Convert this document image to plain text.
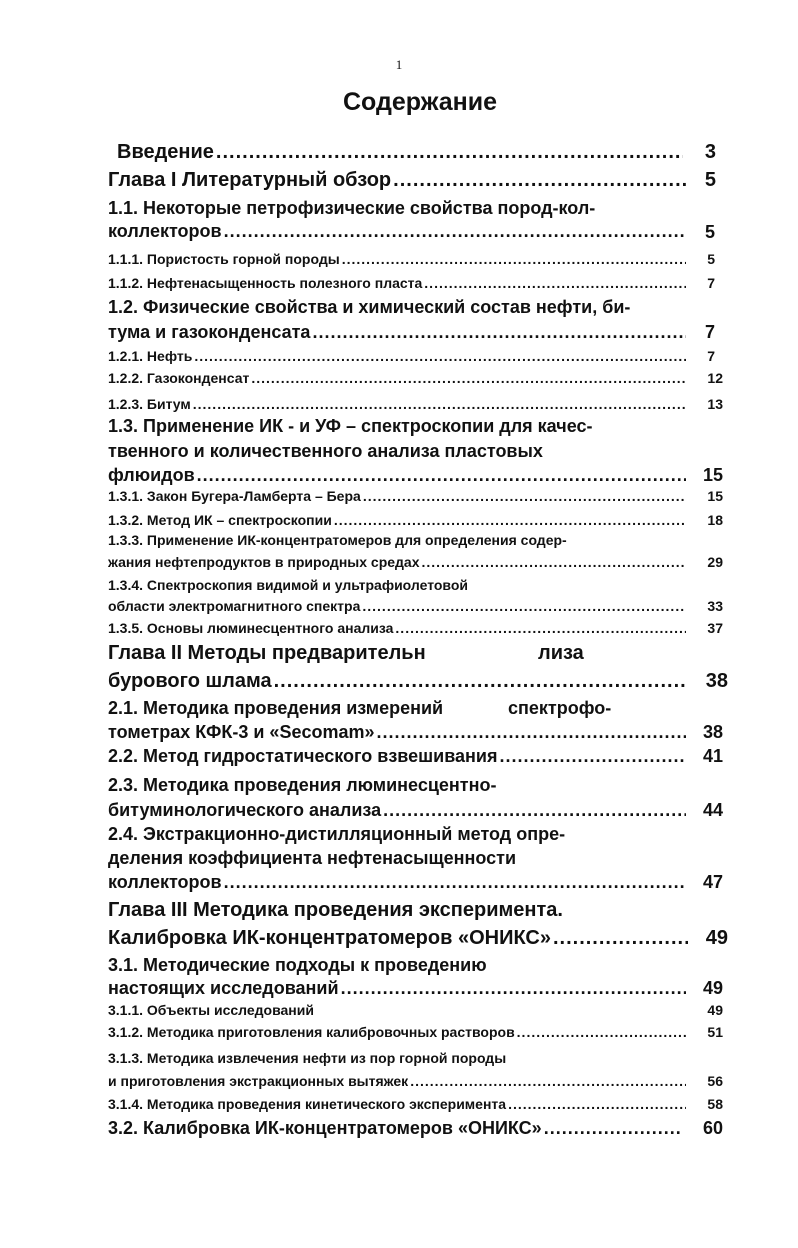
1
Содержание
Введение .....	3
Глава I Литературный обзор .....	5
1.1. Некоторые петрофизические свойства пород-кол-
коллекторов .....	5
1.1.1. Пористость горной породы .....	5
1.1.2. Нефтенасыщенность полезного пласта .....	7
1.2. Физические свойства и химический состав нефти, би-
тума и газоконденсата .....	7
1.2.1. Нефть .....	7
1.2.2. Газоконденсат .....	12
1.2.3. Битум .....	13
1.3. Применение ИК - и УФ – спектроскопии для качес-
твенного и количественного анализа пластовых
флюидов .....	15
1.3.1. Закон Бугера-Ламберта – Бера .....	15
1.3.2. Метод ИК – спектроскопии .....	18
1.3.3. Применение ИК-концентратомеров для определения содер-
жания нефтепродуктов в природных средах .....	29
1.3.4. Спектроскопия видимой и ультрафиолетовой
области электромагнитного спектра .....	33
1.3.5. Основы люминесцентного анализа .....	37
Глава II Методы предварительн	лиза
бурового шлама .....	38
2.1. Методика проведения измерений	спектрофо-
тометрах КФК-3 и «Secomam» .....	38
2.2. Метод гидростатического взвешивания .....	41
2.3. Методика проведения люминесцентно-
битуминологического анализа .....	44
2.4. Экстракционно-дистилляционный метод опре-
деления коэффициента нефтенасыщенности
коллекторов .....	47
Глава III Методика проведения эксперимента.
Калибровка ИК-концентратомеров «ОНИКС» .....	49
3.1. Методические подходы к проведению
настоящих исследований .....	49
3.1.1. Объекты исследований	49
3.1.2. Методика приготовления калибровочных растворов .....	51
3.1.3. Методика извлечения нефти из пор горной породы
и приготовления экстракционных вытяжек .....	56
3.1.4. Методика проведения кинетического эксперимента .....	58
3.2. Калибровка ИК-концентратомеров «ОНИКС» .....	60
